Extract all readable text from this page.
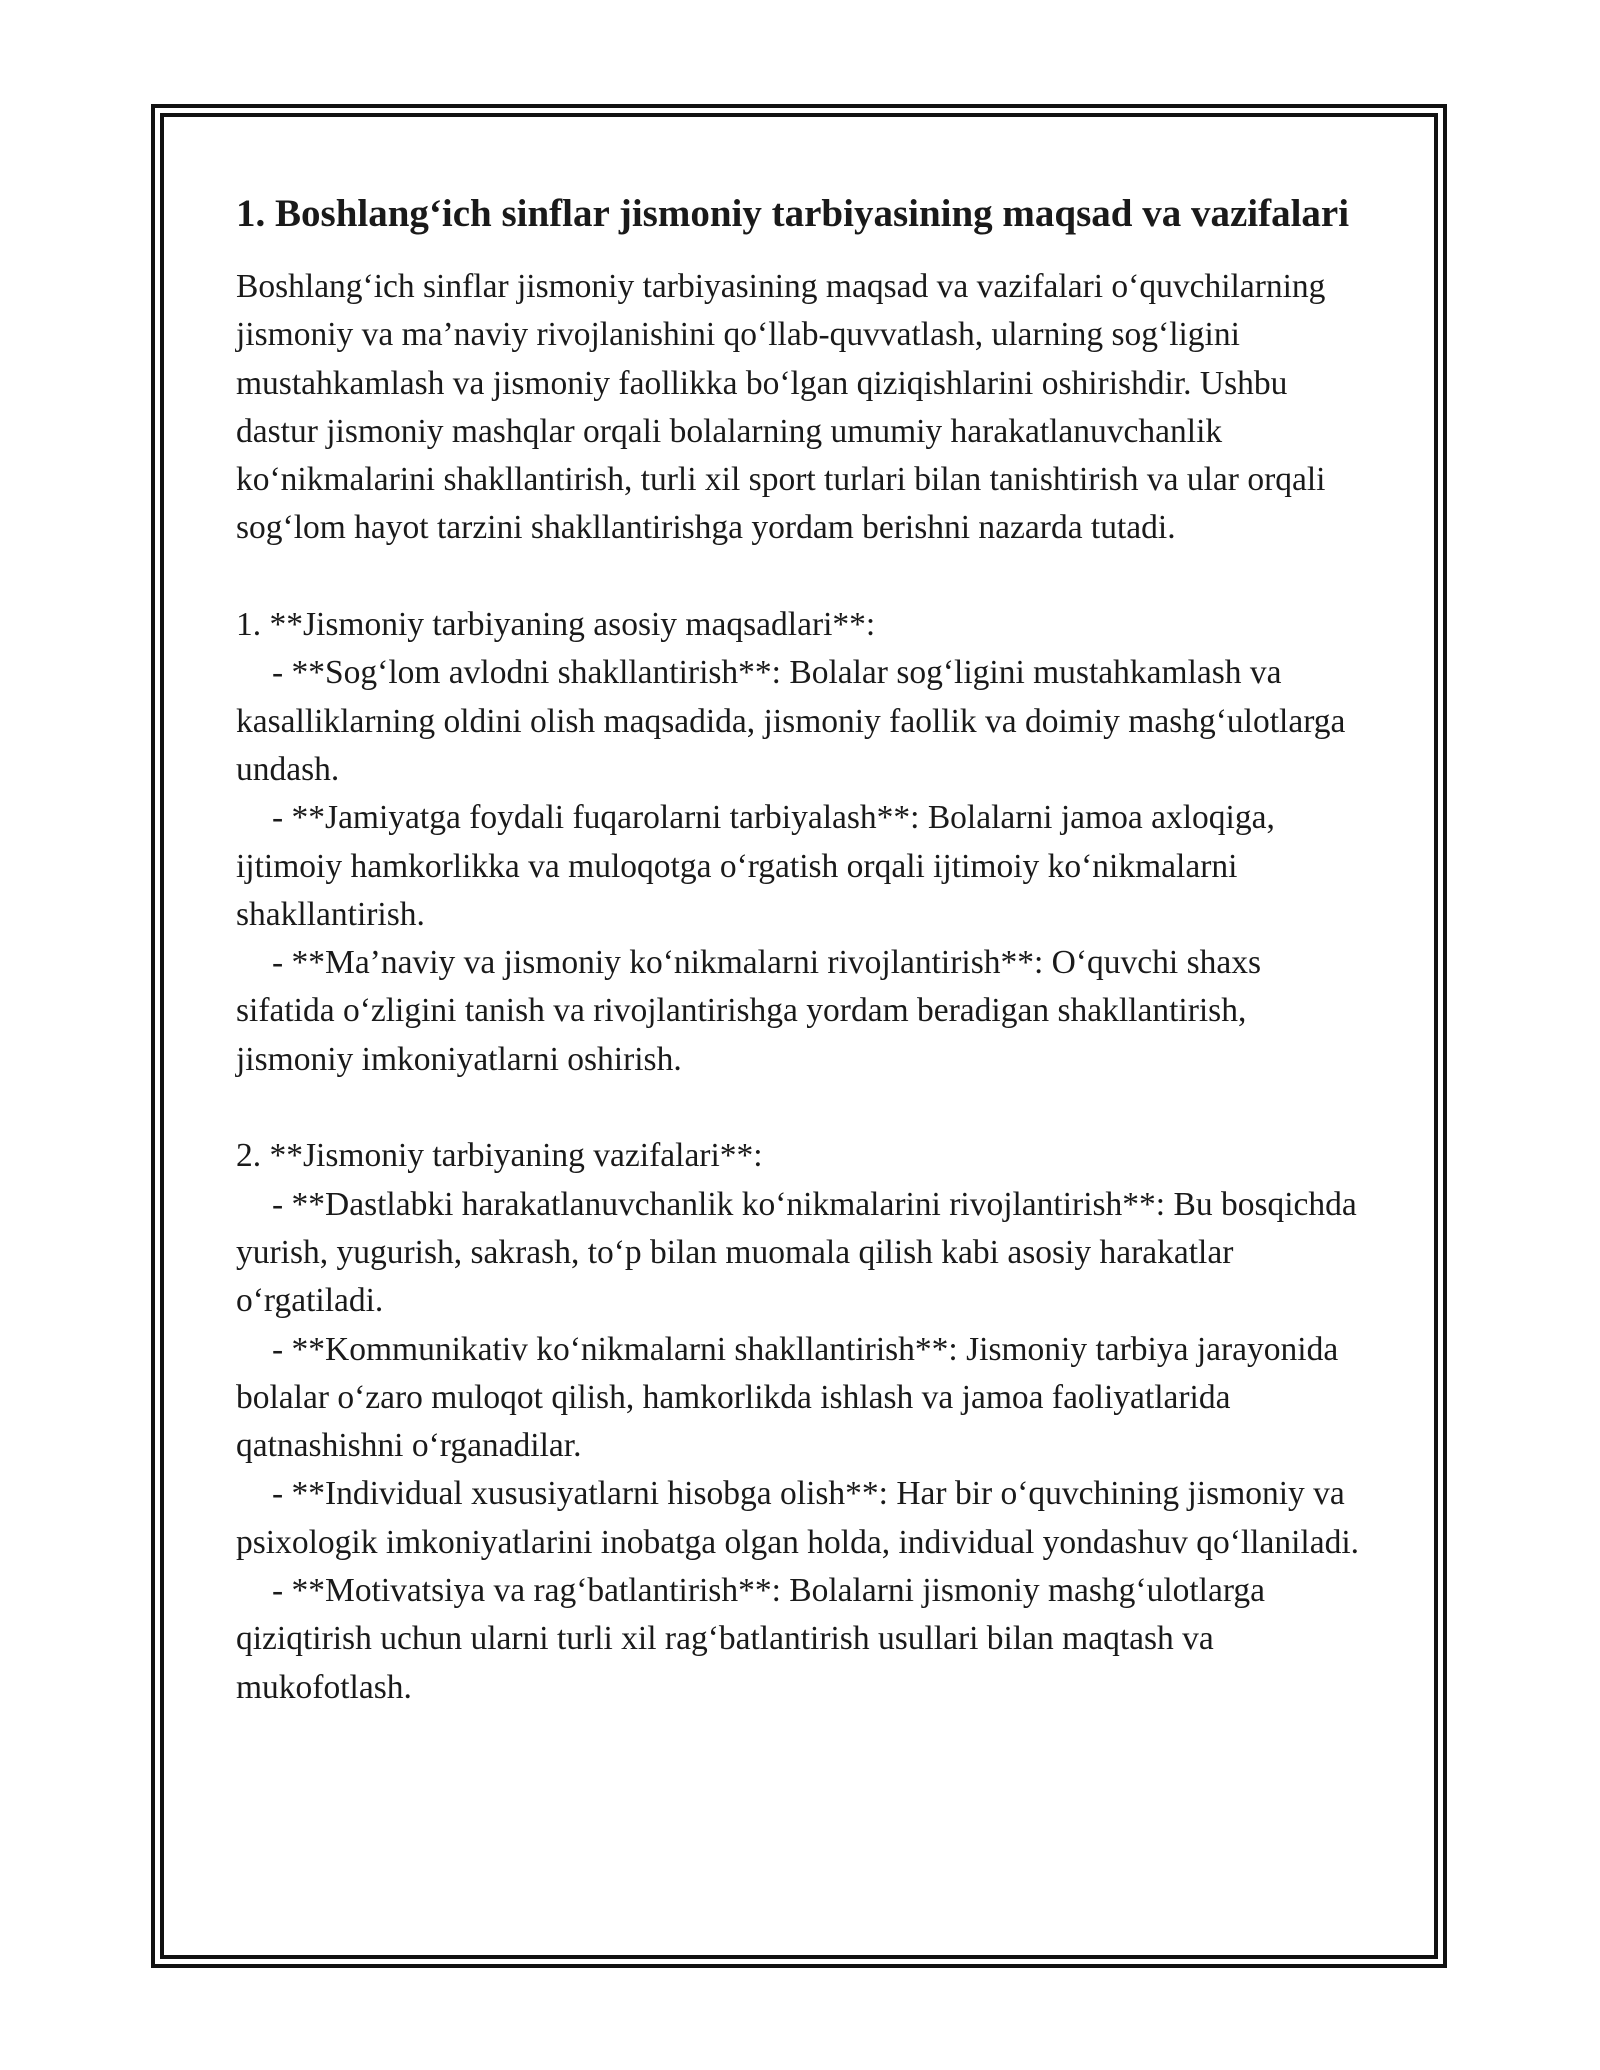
1. Boshlang‘ich sinflar jismoniy tarbiyasining maqsad va vazifalari

Boshlang‘ich sinflar jismoniy tarbiyasining maqsad va vazifalari o‘quvchilarning jismoniy va ma’naviy rivojlanishini qo‘llab-quvvatlash, ularning sog‘ligini mustahkamlash va jismoniy faollikka bo‘lgan qiziqishlarini oshirishdir. Ushbu dastur jismoniy mashqlar orqali bolalarning umumiy harakatlanuvchanlik ko‘nikmalarini shakllantirish, turli xil sport turlari bilan tanishtirish va ular orqali sog‘lom hayot tarzini shakllantirishga yordam berishni nazarda tutadi.

1. **Jismoniy tarbiyaning asosiy maqsadlari**:

- **Sog‘lom avlodni shakllantirish**: Bolalar sog‘ligini mustahkamlash va kasalliklarning oldini olish maqsadida, jismoniy faollik va doimiy mashg‘ulotlarga undash.

- **Jamiyatga foydali fuqarolarni tarbiyalash**: Bolalarni jamoa axloqiga, ijtimoiy hamkorlikka va muloqotga o‘rgatish orqali ijtimoiy ko‘nikmalarni shakllantirish.

- **Ma’naviy va jismoniy ko‘nikmalarni rivojlantirish**: O‘quvchi shaxs sifatida o‘zligini tanish va rivojlantirishga yordam beradigan shakllantirish, jismoniy imkoniyatlarni oshirish.

2. **Jismoniy tarbiyaning vazifalari**:

- **Dastlabki harakatlanuvchanlik ko‘nikmalarini rivojlantirish**: Bu bosqichda yurish, yugurish, sakrash, to‘p bilan muomala qilish kabi asosiy harakatlar o‘rgatiladi.

- **Kommunikativ ko‘nikmalarni shakllantirish**: Jismoniy tarbiya jarayonida bolalar o‘zaro muloqot qilish, hamkorlikda ishlash va jamoa faoliyatlarida qatnashishni o‘rganadilar.

- **Individual xususiyatlarni hisobga olish**: Har bir o‘quvchining jismoniy va psixologik imkoniyatlarini inobatga olgan holda, individual yondashuv qo‘llaniladi.

- **Motivatsiya va rag‘batlantirish**: Bolalarni jismoniy mashg‘ulotlarga qiziqtirish uchun ularni turli xil rag‘batlantirish usullari bilan maqtash va mukofotlash.
